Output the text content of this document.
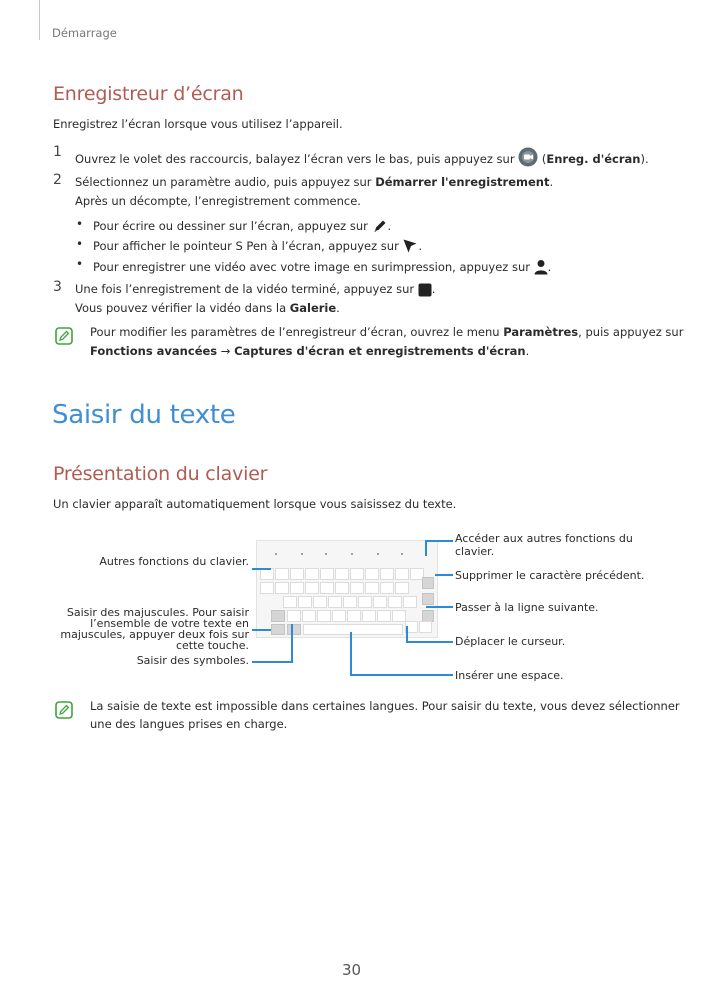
Démarrage
Enregistreur d’écran
Enregistrez l’écran lorsque vous utilisez l’appareil.
1 Ouvrez le volet des raccourcis, balayez l’écran vers le bas, puis appuyez sur (Enreg. d'écran).
2 Sélectionnez un paramètre audio, puis appuyez sur Démarrer l'enregistrement.
Après un décompte, l’enregistrement commence.
• Pour écrire ou dessiner sur l’écran, appuyez sur .
• Pour afficher le pointeur S Pen à l’écran, appuyez sur .
• Pour enregistrer une vidéo avec votre image en surimpression, appuyez sur .
3 Une fois l’enregistrement de la vidéo terminé, appuyez sur .
Vous pouvez vérifier la vidéo dans la Galerie.
Pour modifier les paramètres de l’enregistreur d’écran, ouvrez le menu Paramètres, puis appuyez sur
Fonctions avancées → Captures d'écran et enregistrements d'écran.
Saisir du texte
Présentation du clavier
Un clavier apparaît automatiquement lorsque vous saisissez du texte.
Autres fonctions du clavier.
Saisir des majuscules. Pour saisir
l’ensemble de votre texte en
majuscules, appuyer deux fois sur
cette touche.
Saisir des symboles.
Accéder aux autres fonctions du
clavier.
Supprimer le caractère précédent.
Passer à la ligne suivante.
Déplacer le curseur.
Insérer une espace.
La saisie de texte est impossible dans certaines langues. Pour saisir du texte, vous devez sélectionner
une des langues prises en charge.
30
